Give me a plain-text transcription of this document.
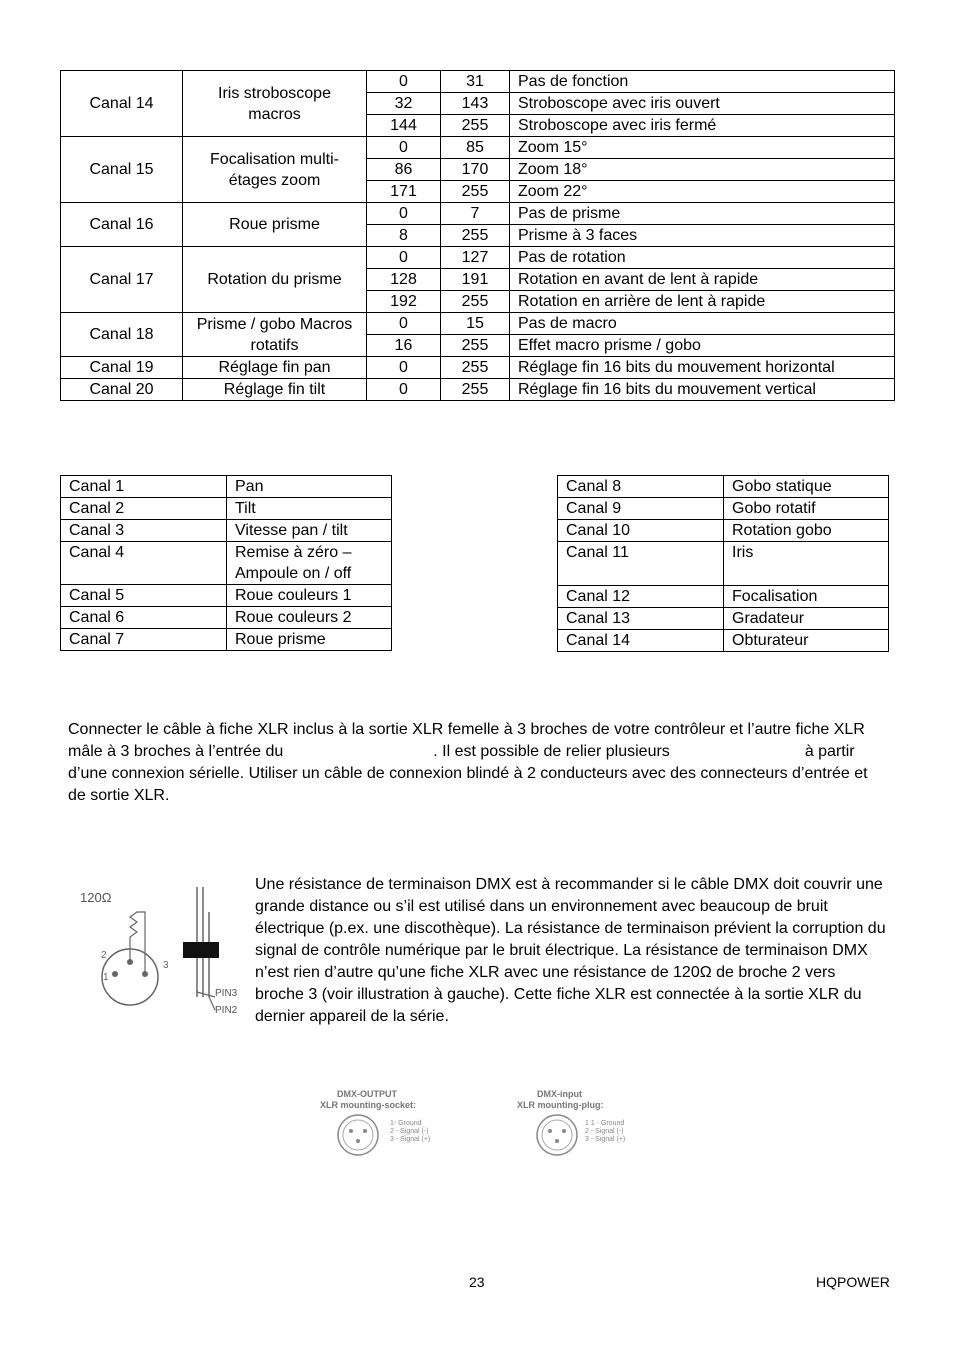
Canal 14	Iris stroboscope macros	0	31	Pas de fonction
		32	143	Stroboscope avec iris ouvert
		144	255	Stroboscope avec iris fermé
Canal 15	Focalisation multi-étages zoom	0	85	Zoom 15°
		86	170	Zoom 18°
		171	255	Zoom 22°
Canal 16	Roue prisme	0	7	Pas de prisme
		8	255	Prisme à 3 faces
Canal 17	Rotation du prisme	0	127	Pas de rotation
		128	191	Rotation en avant de lent à rapide
		192	255	Rotation en arrière de lent à rapide
Canal 18	Prisme / gobo Macros rotatifs	0	15	Pas de macro
		16	255	Effet macro prisme / gobo
Canal 19	Réglage fin pan	0	255	Réglage fin 16 bits du mouvement horizontal
Canal 20	Réglage fin tilt	0	255	Réglage fin 16 bits du mouvement vertical
Canal 1	Pan
Canal 2	Tilt
Canal 3	Vitesse pan / tilt
Canal 4	Remise à zéro – Ampoule on / off
Canal 5	Roue couleurs 1
Canal 6	Roue couleurs 2
Canal 7	Roue prisme
Canal 8	Gobo statique
Canal 9	Gobo rotatif
Canal 10	Rotation gobo
Canal 11	Iris
Canal 12	Focalisation
Canal 13	Gradateur
Canal 14	Obturateur

Connecter le câble à fiche XLR inclus à la sortie XLR femelle à 3 broches de votre contrôleur et l’autre fiche XLR mâle à 3 broches à l’entrée du	. Il est possible de relier plusieurs	à partir d’une connexion sérielle. Utiliser un câble de connexion blindé à 2 conducteurs avec des connecteurs d’entrée et de sortie XLR.

120Ω
2
1
3
PIN3
PIN2

Une résistance de terminaison DMX est à recommander si le câble DMX doit couvrir une grande distance ou s’il est utilisé dans un environnement avec beaucoup de bruit électrique (p.ex. une discothèque). La résistance de terminaison prévient la corruption du signal de contrôle numérique par le bruit électrique. La résistance de terminaison DMX n’est rien d’autre qu’une fiche XLR avec une résistance de 120Ω de broche 2 vers broche 3 (voir illustration à gauche). Cette fiche XLR est connectée à la sortie XLR du dernier appareil de la série.

DMX-OUTPUT
XLR mounting-socket:
1- Ground
2 - Signal (-)
3 - Signal (+)
DMX-input
XLR mounting-plug:
1 1 - Ground
2 - Signal (-)
3 - Signal (+)
23	HQPOWER
